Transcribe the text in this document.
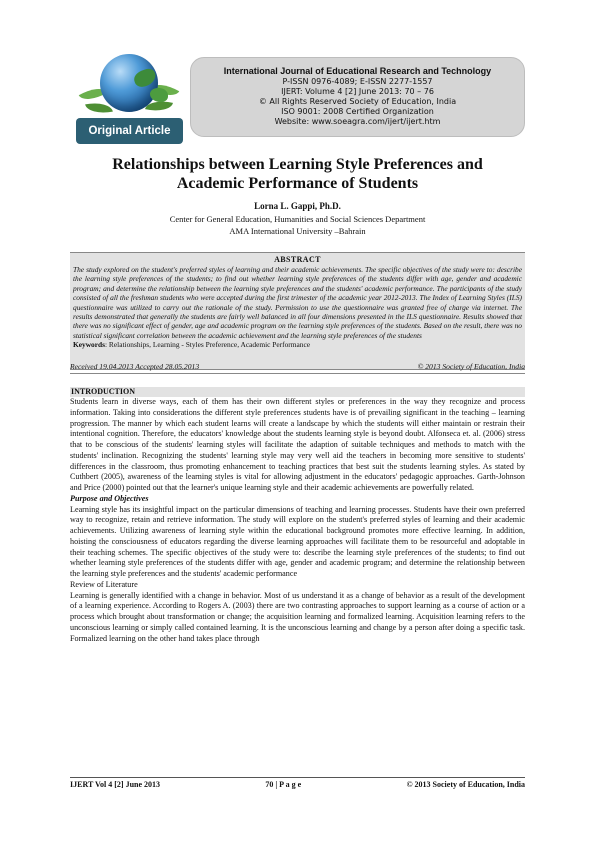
Original Article
International Journal of Educational Research and Technology
P-ISSN 0976-4089; E-ISSN 2277-1557
IJERT: Volume 4 [2] June 2013: 70 – 76
© All Rights Reserved Society of Education, India
ISO 9001: 2008 Certified Organization
Website: www.soeagra.com/ijert/ijert.htm
Relationships between Learning Style Preferences and
Academic Performance of Students
Lorna L. Gappi, Ph.D.
Center for General Education, Humanities and Social Sciences Department
AMA International University –Bahrain
ABSTRACT
The study explored on the student's preferred styles of learning and their academic achievements. The specific objectives of the study were to: describe the learning style preferences of the students; to find out whether learning style preferences of the students differ with age, gender and academic program; and determine the relationship between the learning style preferences and the students' academic performance. The participants of the study consisted of all the freshman students who were accepted during the first trimester of the academic year 2012-2013. The Index of Learning Styles (ILS) questionnaire was utilized to carry out the rationale of the study. Permission to use the questionnaire was granted free of charge via internet. The results demonstrated that generally the students are fairly well balanced in all four dimensions presented in the ILS questionnaire. Results showed that there was no significant effect of gender, age and academic program on the learning style preferences of the students. Based on the result, there was no statistical significant correlation between the academic achievement and the learning style preferences of the students
Keywords: Relationships, Learning - Styles Preference, Academic Performance
Received 19.04.2013 Accepted 28.05.2013	© 2013 Society of Education, India
INTRODUCTION

Students learn in diverse ways, each of them has their own different styles or preferences in the way they recognize and process information. Taking into considerations the different style preferences students have is of prevailing significant in the teaching – learning progression. The manner by which each student learns will create a landscape by which the students will either maintain or restrain their intentional cognition. Therefore, the educators' knowledge about the students learning style is beyond doubt. Alfonseca et. al. (2006) stress that to be conscious of the students' learning styles will facilitate the adaption of suitable techniques and methods to match with the students' inclination. Recognizing the students' learning style may very well aid the teachers in becoming more sensitive to students' differences in the classroom, thus promoting enhancement to teaching practices that best suit the students learning styles. As stated by Cuthbert (2005), awareness of the learning styles is vital for allowing adjustment in the educators' pedagogic approaches. Garth-Johnson and Price (2000) pointed out that the learner's unique learning style and their academic achievements are powerfully related.

Purpose and Objectives

Learning style has its insightful impact on the particular dimensions of teaching and learning processes. Students have their own preferred way to recognize, retain and retrieve information. The study will explore on the student's preferred styles of learning and their academic achievements. Utilizing awareness of learning style within the educational background promotes more effective learning. In addition, hoisting the consciousness of educators regarding the diverse learning approaches will facilitate them to be resourceful and adoptable in their teaching schemes. The specific objectives of the study were to: describe the learning style preferences of the students; to find out whether learning style preferences of the students differ with age, gender and academic program; and determine the relationship between the learning style preferences and the students' academic performance

Review of Literature

Learning is generally identified with a change in behavior. Most of us understand it as a change of behavior as a result of the development of a learning experience. According to Rogers A. (2003) there are two contrasting approaches to support learning as a course of action or a process which brought about transformation or change; the acquisition learning and formalized learning. Acquisition learning refers to the unconscious learning or simply called contained learning. It is the unconscious learning and change by a person after doing a specific task. Formalized learning on the other hand takes place through

IJERT Vol 4 [2] June 2013	70 | P a g e	© 2013 Society of Education, India
